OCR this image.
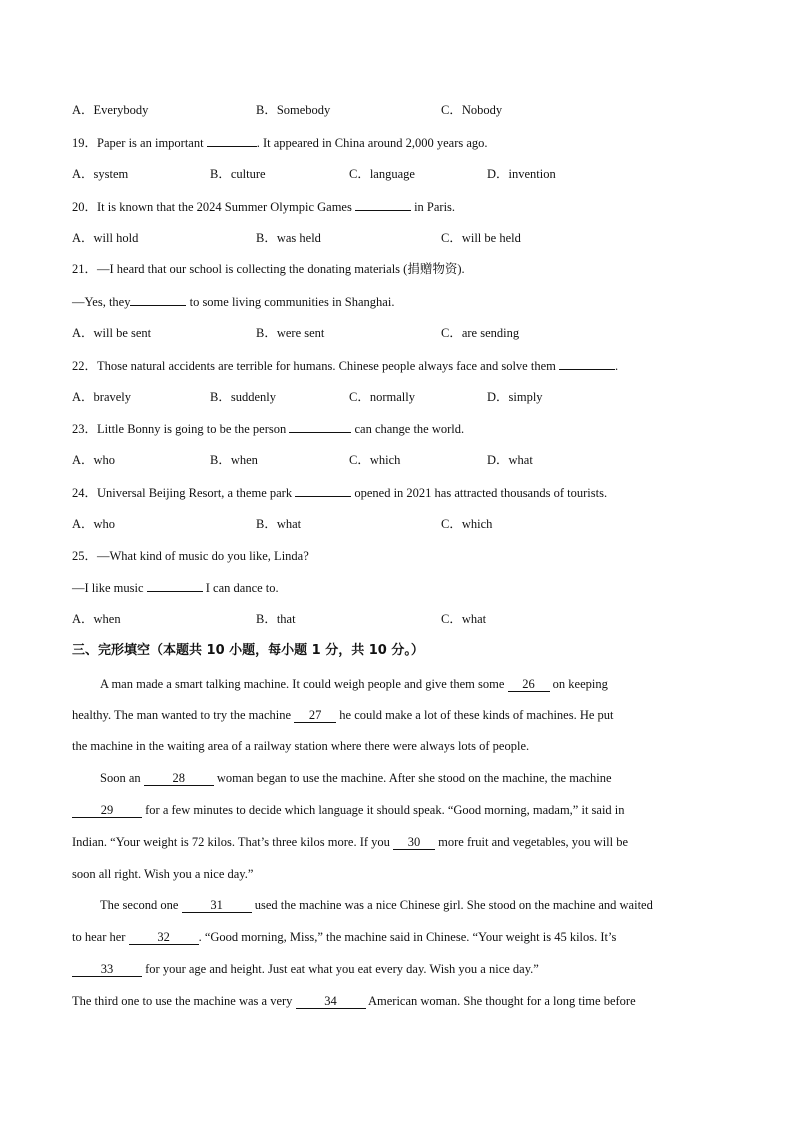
A．Everybody	B．Somebody	C．Nobody
19．Paper is an important	. It appeared in China around 2,000 years ago.
A．system	B．culture	C．language	D．invention
20．It is known that the 2024 Summer Olympic Games	in Paris.
A．will hold	B．was held	C．will be held
21．—I heard that our school is collecting the donating materials (捐赠物资).
—Yes, they	to some living communities in Shanghai.
A．will be sent	B．were sent	C．are sending
22．Those natural accidents are terrible for humans. Chinese people always face and solve them	.
A．bravely	B．suddenly	C．normally	D．simply
23．Little Bonny is going to be the person	can change the world.
A．who	B．when	C．which	D．what
24．Universal Beijing Resort, a theme park	opened in 2021 has attracted thousands of tourists.
A．who	B．what	C．which
25．—What kind of music do you like, Linda?
—I like music	I can dance to.
A．when	B．that	C．what
三、完形填空（本题共 10 小题，每小题 1 分，共 10 分。）
A man made a smart talking machine. It could weigh people and give them some 26 on keeping
healthy. The man wanted to try the machine 27 he could make a lot of these kinds of machines. He put
the machine in the waiting area of a railway station where there were always lots of people.
Soon an 28 woman began to use the machine. After she stood on the machine, the machine
29 for a few minutes to decide which language it should speak. “Good morning, madam,” it said in
Indian. “Your weight is 72 kilos. That’s three kilos more. If you 30 more fruit and vegetables, you will be
soon all right. Wish you a nice day.”
The second one 31 used the machine was a nice Chinese girl. She stood on the machine and waited
to hear her 32 . “Good morning, Miss,” the machine said in Chinese. “Your weight is 45 kilos. It’s
33 for your age and height. Just eat what you eat every day. Wish you a nice day.”
The third one to use the machine was a very 34 American woman. She thought for a long time before
